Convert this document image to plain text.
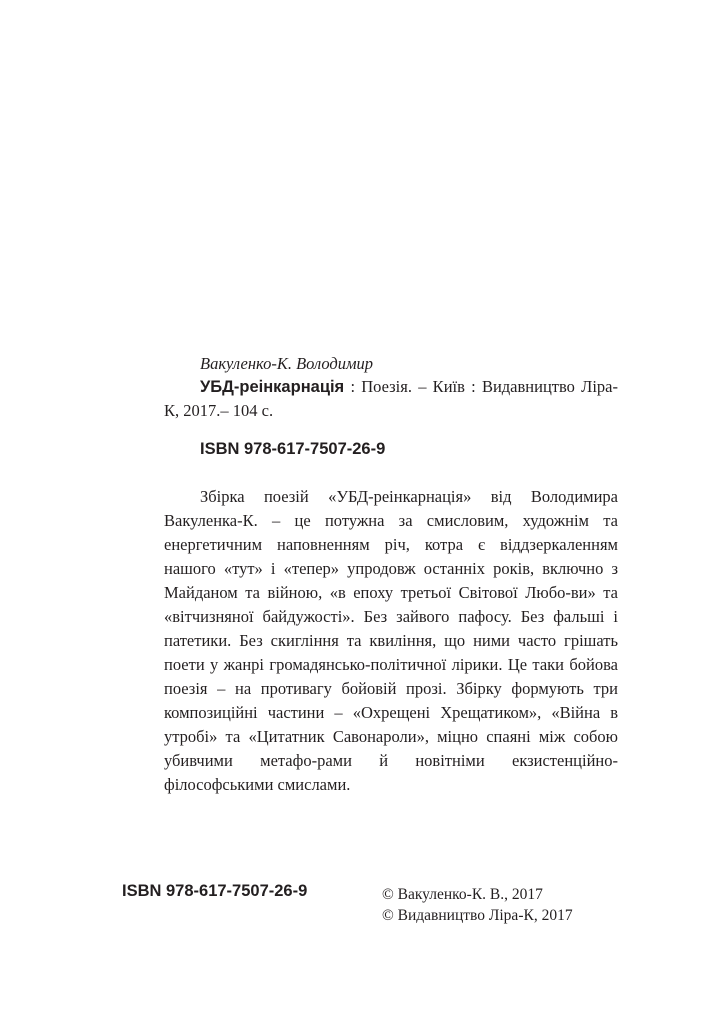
Вакуленко-К. Володимир
УБД-реінкарнація : Поезія. – Київ : Видавництво Ліра-К, 2017.– 104 с.
ISBN 978-617-7507-26-9
Збірка поезій «УБД-реінкарнація» від Володимира Вакуленка-К. – це потужна за смисловим, художнім та енергетичним наповненням річ, котра є віддзеркаленням нашого «тут» і «тепер» упродовж останніх років, включно з Майданом та війною, «в епоху третьої Світової Любо-ви» та «вітчизняної байдужості». Без зайвого пафосу. Без фальші і патетики. Без скигління та квиління, що ними часто грішать поети у жанрі громадянсько-політичної лірики. Це таки бойова поезія – на противагу бойовій прозі. Збірку формують три композиційні частини – «Охрещені Хрещатиком», «Війна в утробі» та «Цитатник Савонароли», міцно спаяні між собою убивчими метафо-рами й новітніми екзистенційно-філософськими смислами.
ISBN 978-617-7507-26-9	© Вакуленко-К. В., 2017
© Видавництво Ліра-К, 2017
